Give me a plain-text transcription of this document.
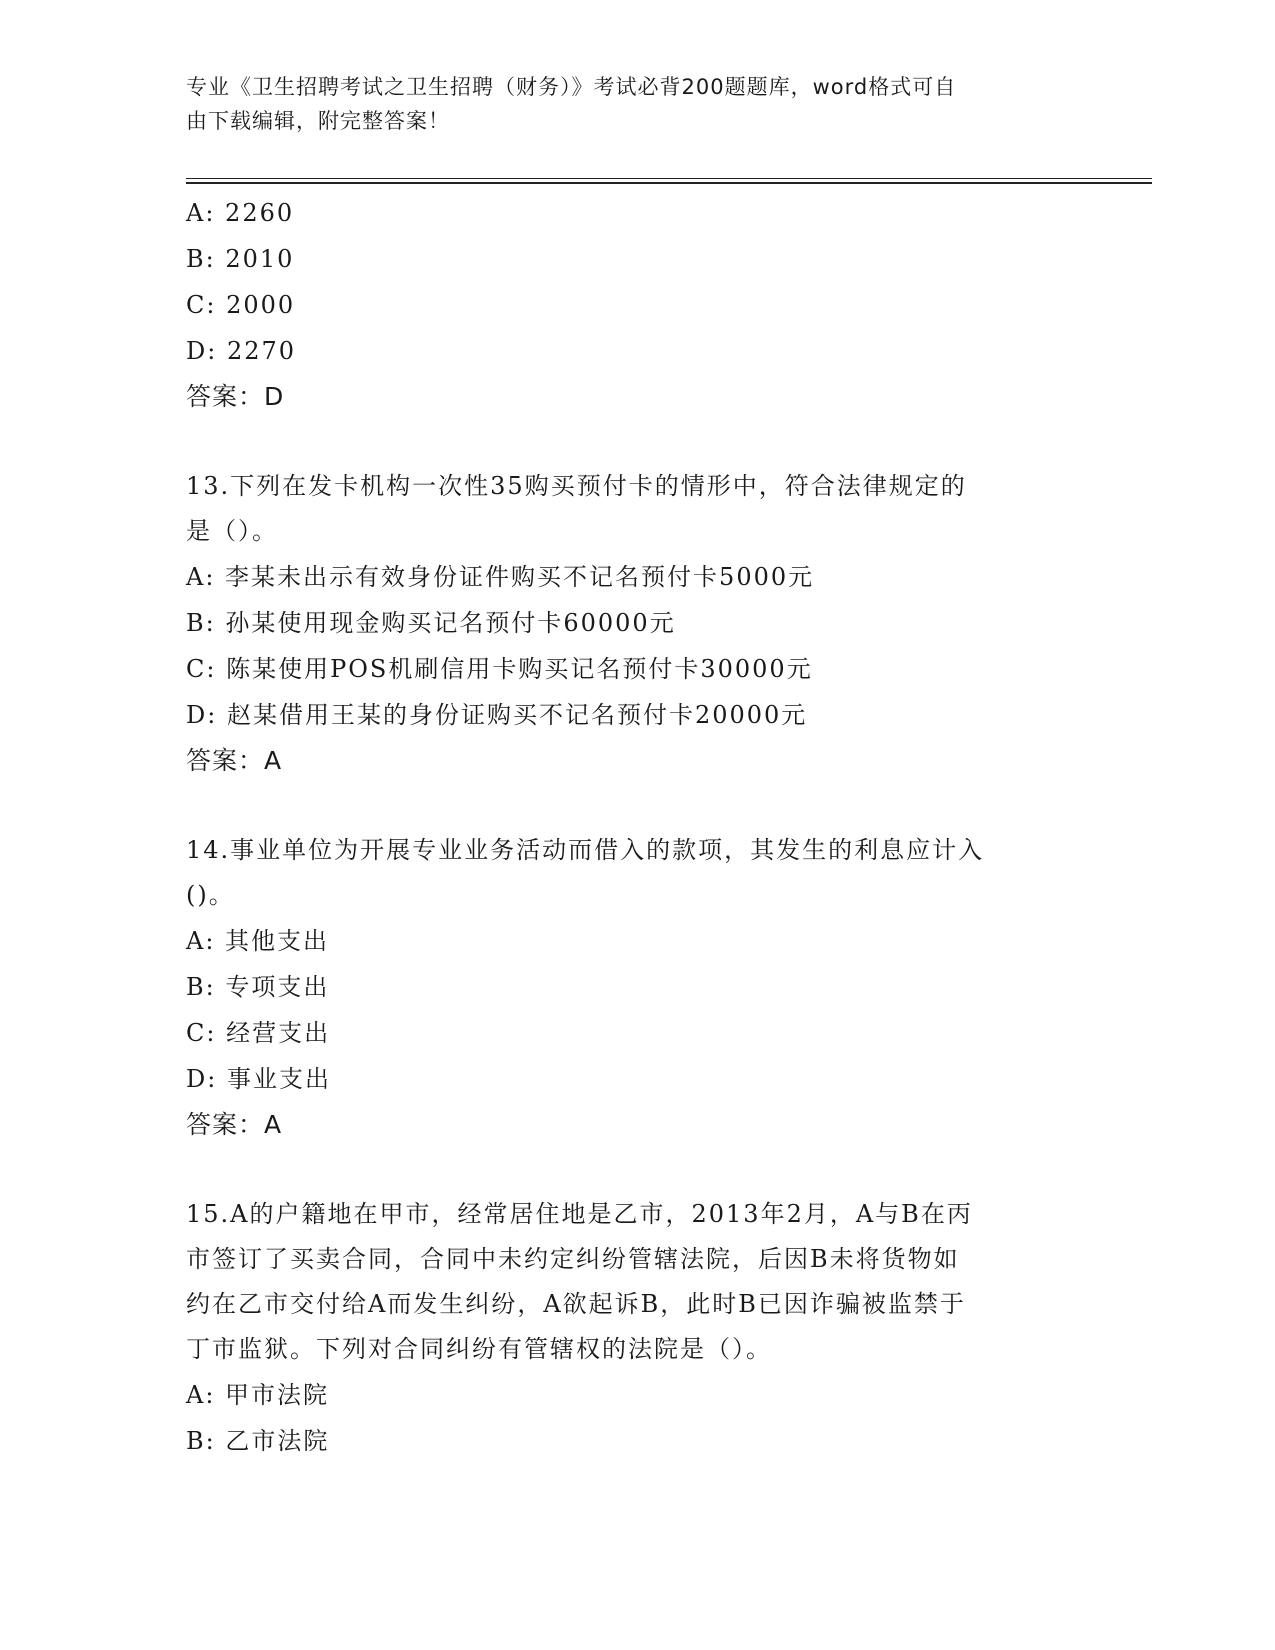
专业《卫生招聘考试之卫生招聘（财务）》考试必背200题题库，word格式可自
由下载编辑，附完整答案！
A: 2260
B: 2010
C: 2000
D: 2270
答案：D
13.下列在发卡机构一次性35购买预付卡的情形中，符合法律规定的
是（）。
A: 李某未出示有效身份证件购买不记名预付卡5000元
B: 孙某使用现金购买记名预付卡60000元
C: 陈某使用POS机刷信用卡购买记名预付卡30000元
D: 赵某借用王某的身份证购买不记名预付卡20000元
答案：A
14.事业单位为开展专业业务活动而借入的款项，其发生的利息应计入
()。
A: 其他支出
B: 专项支出
C: 经营支出
D: 事业支出
答案：A
15.A的户籍地在甲市，经常居住地是乙市，2013年2月，A与B在丙
市签订了买卖合同，合同中未约定纠纷管辖法院，后因B未将货物如
约在乙市交付给A而发生纠纷，A欲起诉B，此时B已因诈骗被监禁于
丁市监狱。下列对合同纠纷有管辖权的法院是（）。
A: 甲市法院
B: 乙市法院
